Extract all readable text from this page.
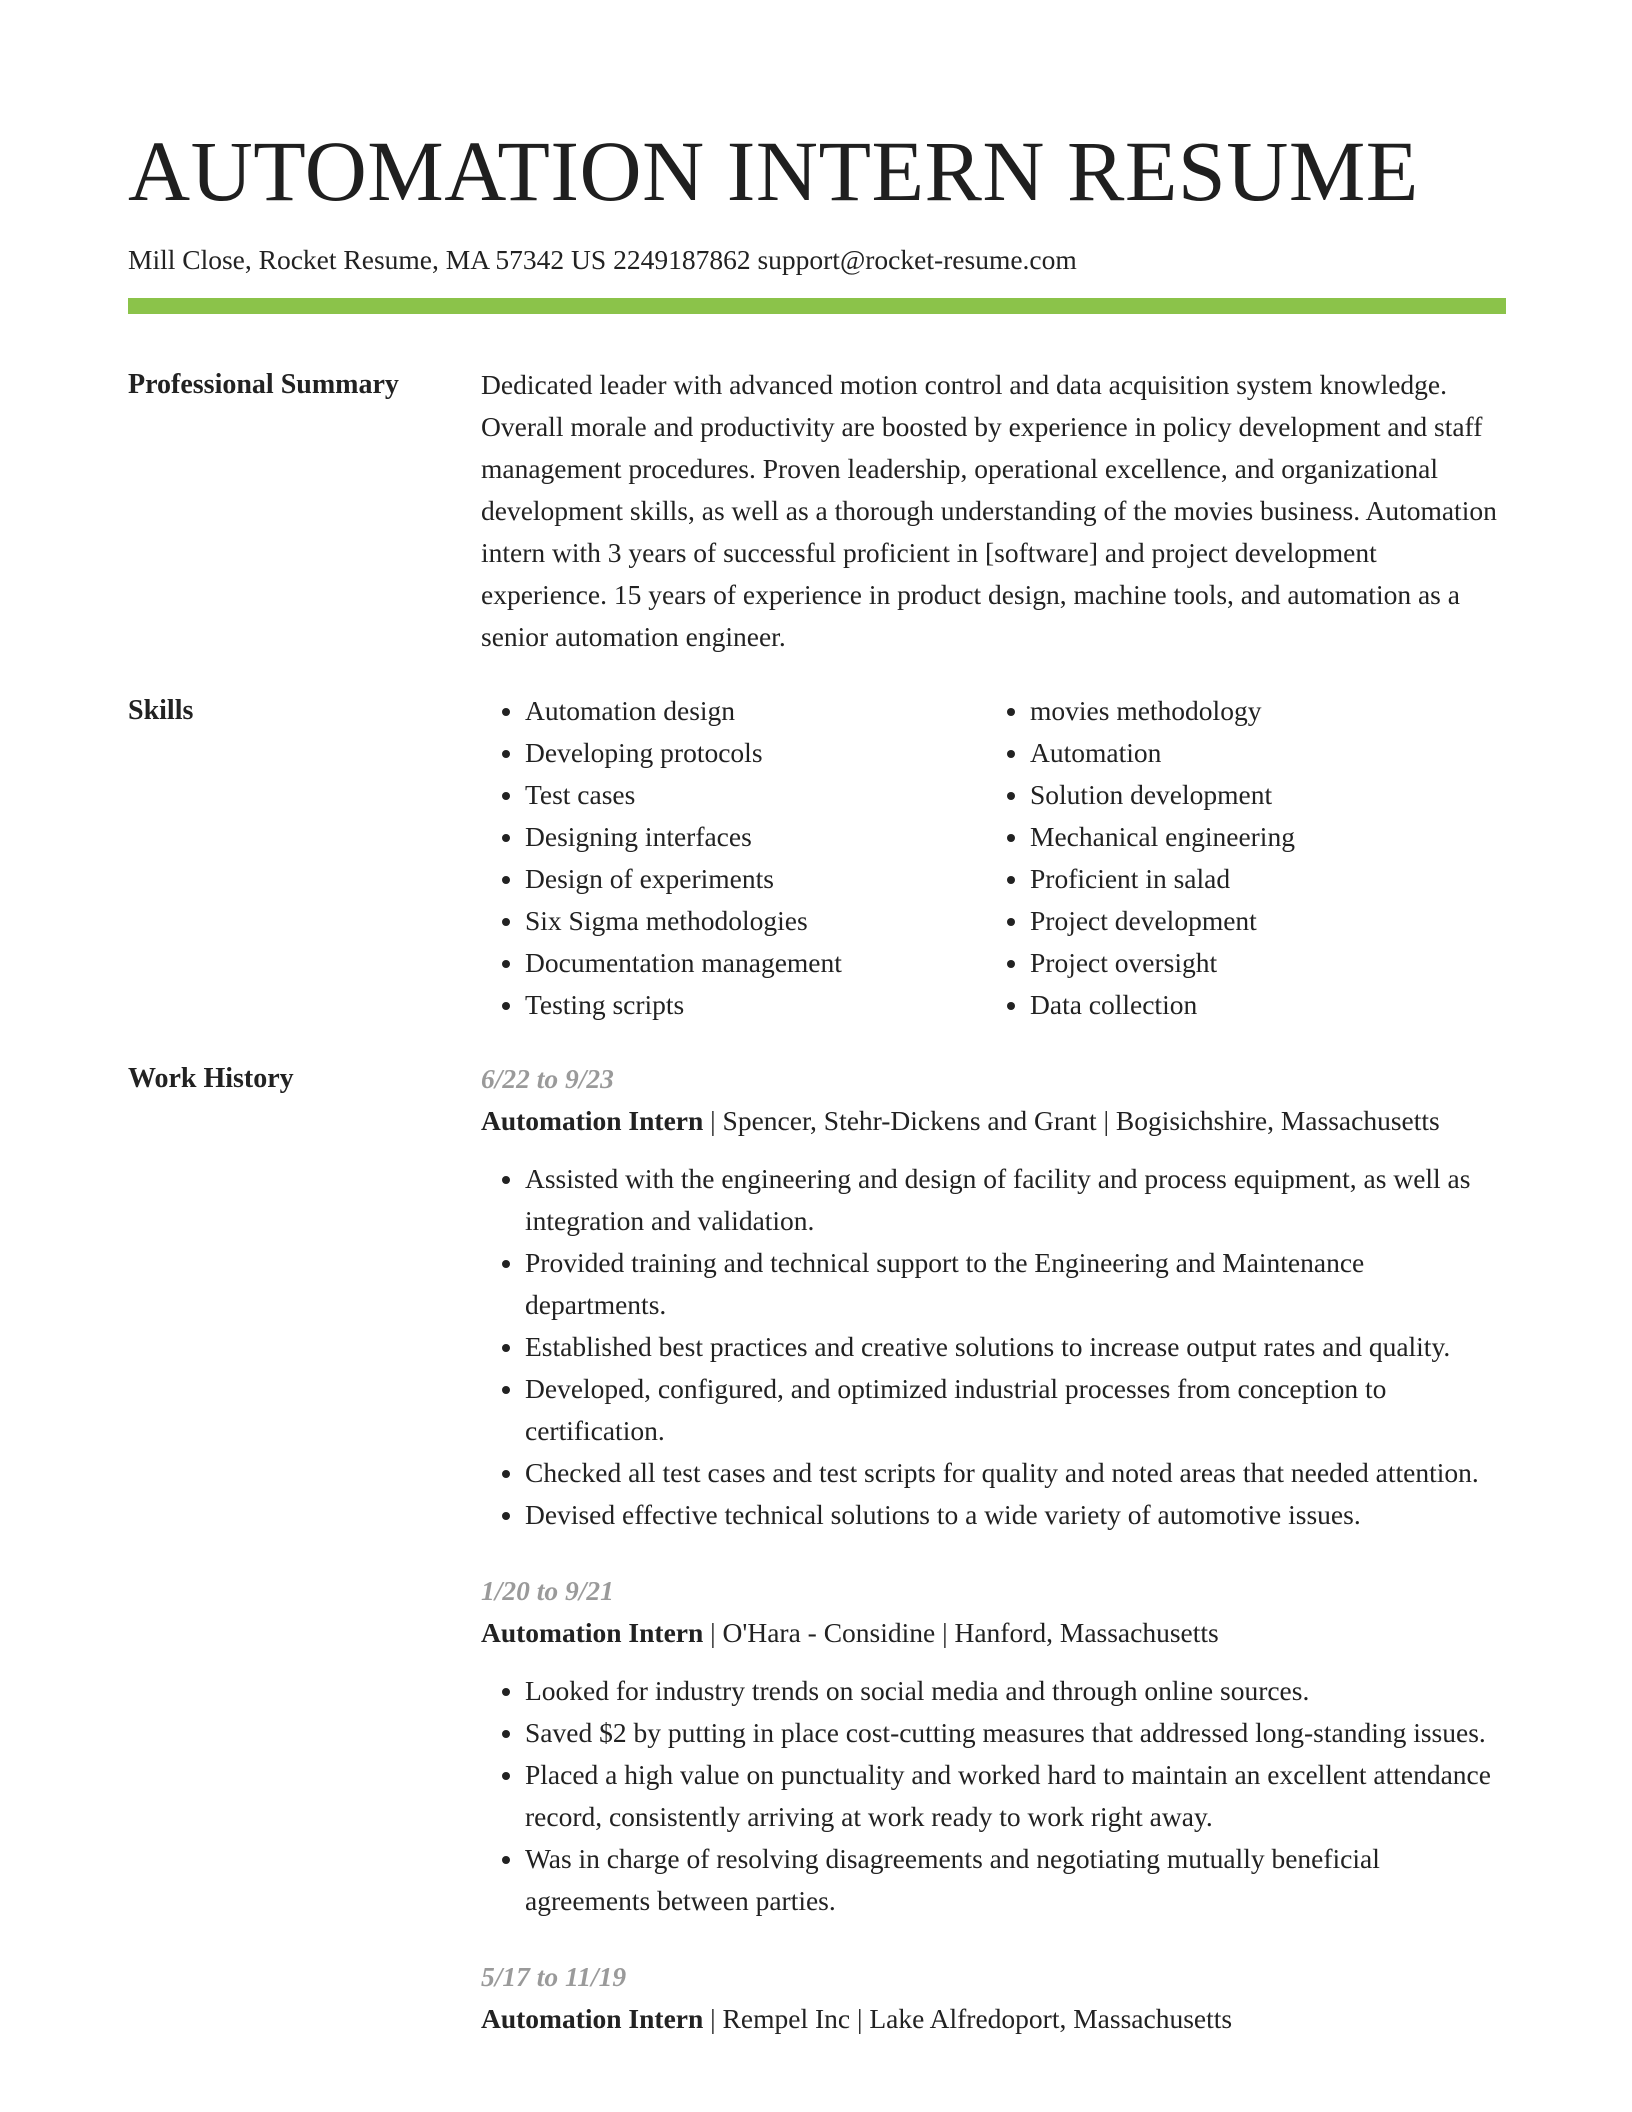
AUTOMATION INTERN RESUME
Mill Close, Rocket Resume, MA 57342 US 2249187862 support@rocket-resume.com
Professional Summary	Dedicated leader with advanced motion control and data acquisition system knowledge. Overall morale and productivity are boosted by experience in policy development and staff management procedures. Proven leadership, operational excellence, and organizational development skills, as well as a thorough understanding of the movies business. Automation intern with 3 years of successful proficient in [software] and project development experience. 15 years of experience in product design, machine tools, and automation as a senior automation engineer.

Skills
•	Automation design
• Developing protocols
• Test cases
• Designing interfaces
• Design of experiments
• Six Sigma methodologies
• Documentation management
• Testing scripts
• movies methodology
• Automation
• Solution development
• Mechanical engineering
• Proficient in salad
• Project development
• Project oversight
• Data collection
Work History	6/22 to 9/23
Automation Intern | Spencer, Stehr-Dickens and Grant | Bogisichshire, Massachusetts
• Assisted with the engineering and design of facility and process equipment, as well as integration and validation.
• Provided training and technical support to the Engineering and Maintenance departments.
• Established best practices and creative solutions to increase output rates and quality.
• Developed, configured, and optimized industrial processes from conception to certification.
• Checked all test cases and test scripts for quality and noted areas that needed attention.
• Devised effective technical solutions to a wide variety of automotive issues.
1/20 to 9/21
Automation Intern | O'Hara - Considine | Hanford, Massachusetts
• Looked for industry trends on social media and through online sources.
• Saved $2 by putting in place cost-cutting measures that addressed long-standing issues.
• Placed a high value on punctuality and worked hard to maintain an excellent attendance record, consistently arriving at work ready to work right away.
• Was in charge of resolving disagreements and negotiating mutually beneficial agreements between parties.
5/17 to 11/19
Automation Intern | Rempel Inc | Lake Alfredoport, Massachusetts
